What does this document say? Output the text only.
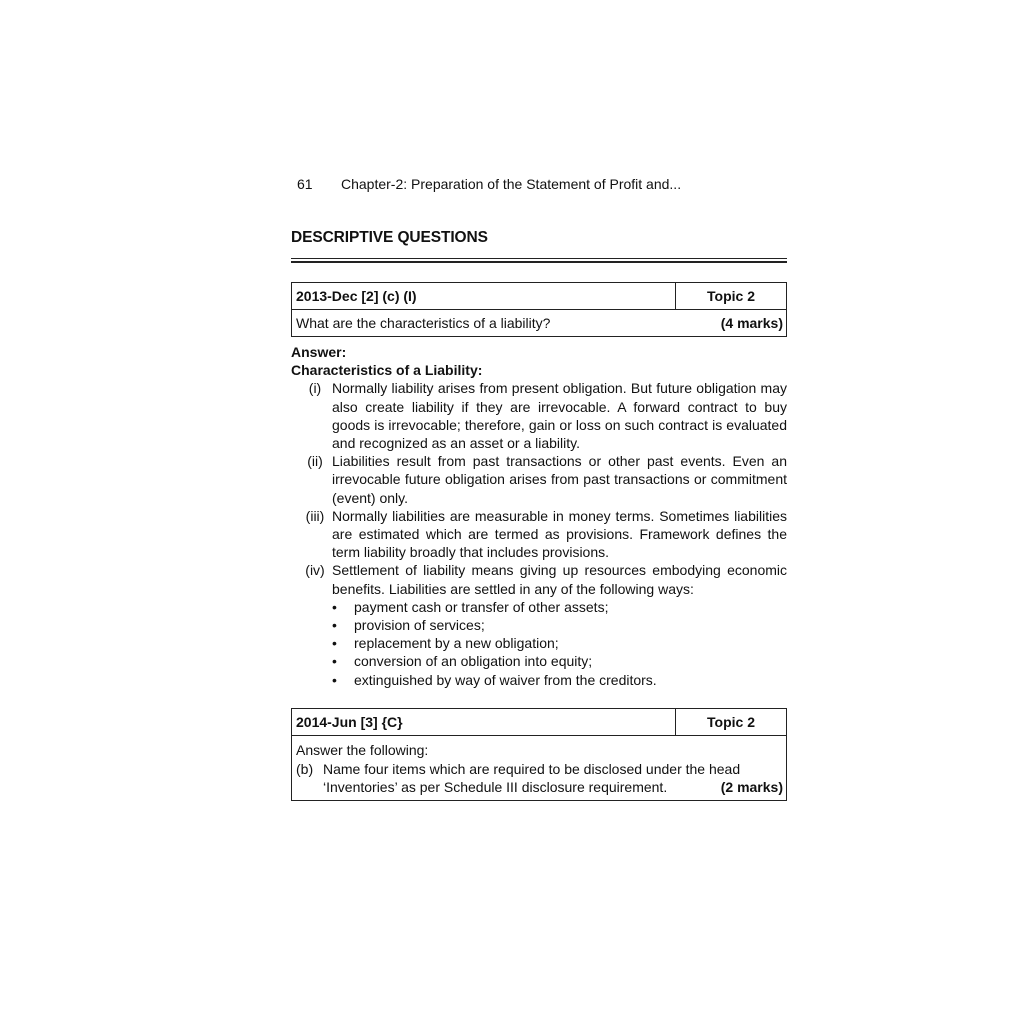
61 Chapter-2: Preparation of the Statement of Profit and...
DESCRIPTIVE QUESTIONS
2013-Dec [2] (c) (I)	Topic 2
What are the characteristics of a liability?	(4 marks)
Answer:
Characteristics of a Liability:
(i) Normally liability arises from present obligation. But future obligation may also create liability if they are irrevocable. A forward contract to buy goods is irrevocable; therefore, gain or loss on such contract is evaluated and recognized as an asset or a liability.
(ii) Liabilities result from past transactions or other past events. Even an irrevocable future obligation arises from past transactions or commitment (event) only.
(iii) Normally liabilities are measurable in money terms. Sometimes liabilities are estimated which are termed as provisions. Framework defines the term liability broadly that includes provisions.
(iv) Settlement of liability means giving up resources embodying economic benefits. Liabilities are settled in any of the following ways:
•	payment cash or transfer of other assets;
•	provision of services;
•	replacement by a new obligation;
•	conversion of an obligation into equity;
•	extinguished by way of waiver from the creditors.
2014-Jun [3] {C}	Topic 2
Answer the following:
(b) Name four items which are required to be disclosed under the head
‘Inventories’ as per Schedule III disclosure requirement.	(2 marks)
